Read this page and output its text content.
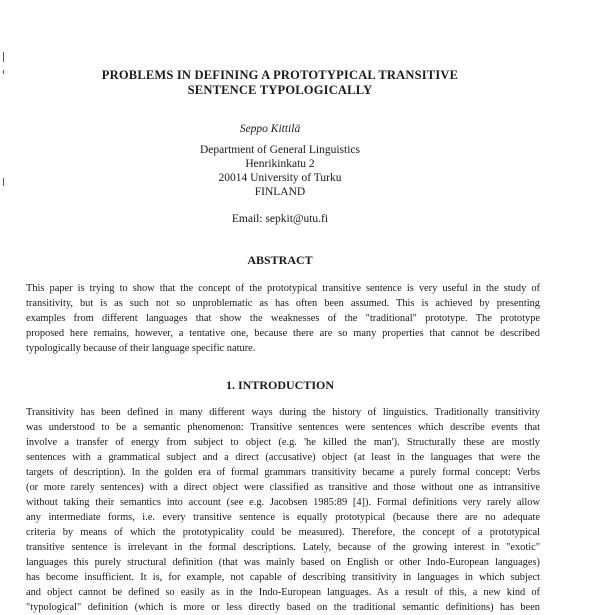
PROBLEMS IN DEFINING A PROTOTYPICAL TRANSITIVE
SENTENCE TYPOLOGICALLY
Seppo Kittilä
Department of General Linguistics
Henrikinkatu 2
20014 University of Turku
FINLAND
Email: sepkit@utu.fi
ABSTRACT
This paper is trying to show that the concept of the prototypical transitive sentence is very useful in the study of
transitivity, but is as such not so unproblematic as has often been assumed. This is achieved by presenting
examples from different languages that show the weaknesses of the "traditional" prototype. The prototype
proposed here remains, however, a tentative one, because there are so many properties that cannot be described
typologically because of their language specific nature.
1. INTRODUCTION
Transitivity has been defined in many different ways during the history of linguistics. Traditionally transitivity
was understood to be a semantic phenomenon: Transitive sentences were sentences which describe events that
involve a transfer of energy from subject to object (e.g. 'he killed the man'). Structurally these are mostly
sentences with a grammatical subject and a direct (accusative) object (at least in the languages that were the
targets of description). In the golden era of formal grammars transitivity became a purely formal concept: Verbs
(or more rarely sentences) with a direct object were classified as transitive and those without one as intransitive
without taking their semantics into account (see e.g. Jacobsen 1985:89 [4]). Formal definitions very rarely allow
any intermediate forms, i.e. every transitive sentence is equally prototypical (because there are no adequate
criteria by means of which the prototypicality could be measured). Therefore, the concept of a prototypical
transitive sentence is irrelevant in the formal descriptions. Lately, because of the growing interest in "exotic"
languages this purely structural definition (that was mainly based on English or other Indo-European languages)
has become insufficient. It is, for example, not capable of describing transitivity in languages in which subject
and object cannot be defined so easily as in the Indo-European languages. As a result of this, a new kind of
"typological" definition (which is more or less directly based on the traditional semantic definitions) has been
